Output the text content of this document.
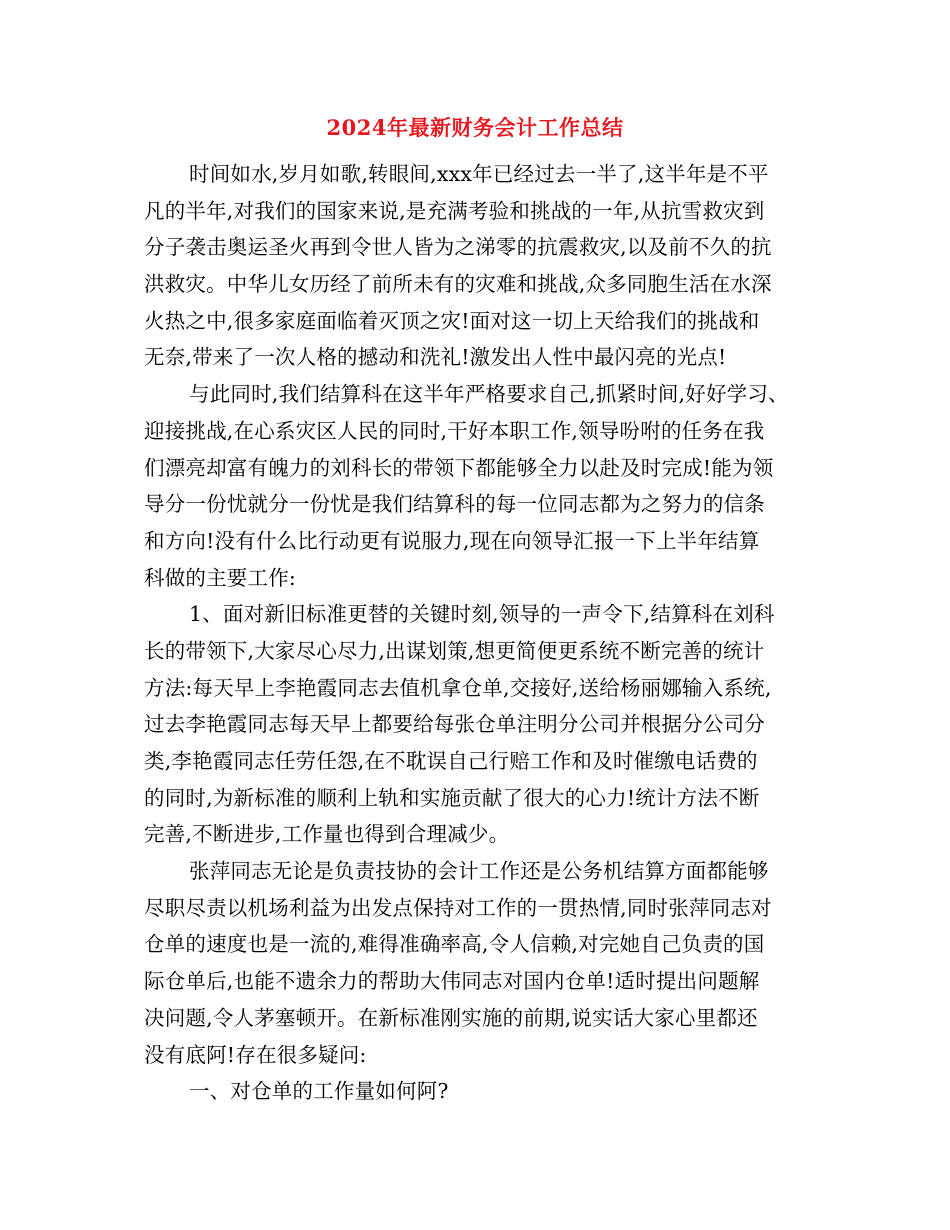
2024年最新财务会计工作总结
时间如水,岁月如歌,转眼间,xxx年已经过去一半了,这半年是不平
凡的半年,对我们的国家来说,是充满考验和挑战的一年,从抗雪救灾到
分子袭击奥运圣火再到令世人皆为之涕零的抗震救灾,以及前不久的抗
洪救灾。中华儿女历经了前所未有的灾难和挑战,众多同胞生活在水深
火热之中,很多家庭面临着灭顶之灾!面对这一切上天给我们的挑战和
无奈,带来了一次人格的撼动和洗礼!激发出人性中最闪亮的光点!
与此同时,我们结算科在这半年严格要求自己,抓紧时间,好好学习、
迎接挑战,在心系灾区人民的同时,干好本职工作,领导吩咐的任务在我
们漂亮却富有魄力的刘科长的带领下都能够全力以赴及时完成!能为领
导分一份忧就分一份忧是我们结算科的每一位同志都为之努力的信条
和方向!没有什么比行动更有说服力,现在向领导汇报一下上半年结算
科做的主要工作:
1、面对新旧标准更替的关键时刻,领导的一声令下,结算科在刘科
长的带领下,大家尽心尽力,出谋划策,想更简便更系统不断完善的统计
方法:每天早上李艳霞同志去值机拿仓单,交接好,送给杨丽娜输入系统,
过去李艳霞同志每天早上都要给每张仓单注明分公司并根据分公司分
类,李艳霞同志任劳任怨,在不耽误自己行赔工作和及时催缴电话费的
的同时,为新标准的顺利上轨和实施贡献了很大的心力!统计方法不断
完善,不断进步,工作量也得到合理减少。
张萍同志无论是负责技协的会计工作还是公务机结算方面都能够
尽职尽责以机场利益为出发点保持对工作的一贯热情,同时张萍同志对
仓单的速度也是一流的,难得准确率高,令人信赖,对完她自己负责的国
际仓单后,也能不遗余力的帮助大伟同志对国内仓单!适时提出问题解
决问题,令人茅塞顿开。在新标准刚实施的前期,说实话大家心里都还
没有底阿!存在很多疑问:
一、对仓单的工作量如何阿?
